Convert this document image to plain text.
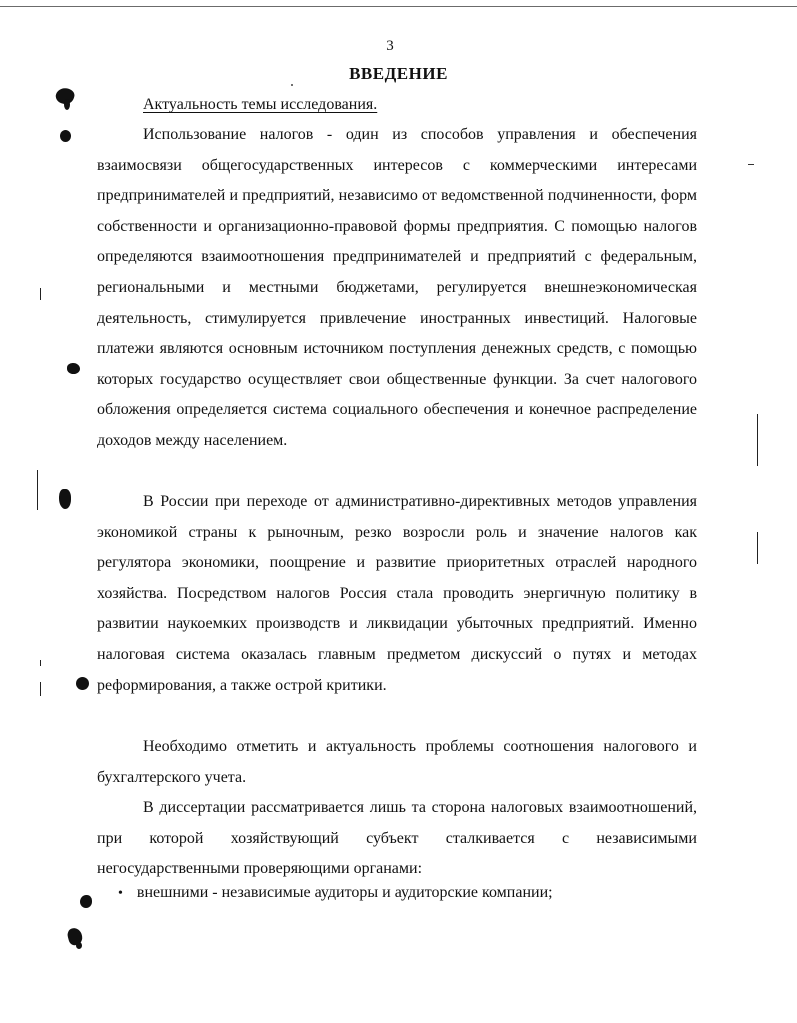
3
ВВЕДЕНИЕ
Актуальность темы исследования.

Использование налогов - один из способов управления и обеспечения взаимосвязи общегосударственных интересов с коммерческими интересами предпринимателей и предприятий, независимо от ведомственной подчиненности, форм собственности и организационно-правовой формы предприятия. С помощью налогов определяются взаимоотношения предпринимателей и предприятий с федеральным, региональными и местными бюджетами, регулируется внешнеэкономическая деятельность, стимулируется привлечение иностранных инвестиций. Налоговые платежи являются основным источником поступления денежных средств, с помощью которых государство осуществляет свои общественные функции. За счет налогового обложения определяется система социального обеспечения и конечное распределение доходов между населением.

В России при переходе от административно-директивных методов управления экономикой страны к рыночным, резко возросли роль и значение налогов как регулятора экономики, поощрение и развитие приоритетных отраслей народного хозяйства. Посредством налогов Россия стала проводить энергичную политику в развитии наукоемких производств и ликвидации убыточных предприятий. Именно налоговая система оказалась главным предметом дискуссий о путях и методах реформирования, а также острой критики.

Необходимо отметить и актуальность проблемы соотношения налогового и бухгалтерского учета.

В диссертации рассматривается лишь та сторона налоговых взаимоотношений, при которой хозяйствующий субъект сталкивается с независимыми негосударственными проверяющими органами:

• внешними - независимые аудиторы и аудиторские компании;
